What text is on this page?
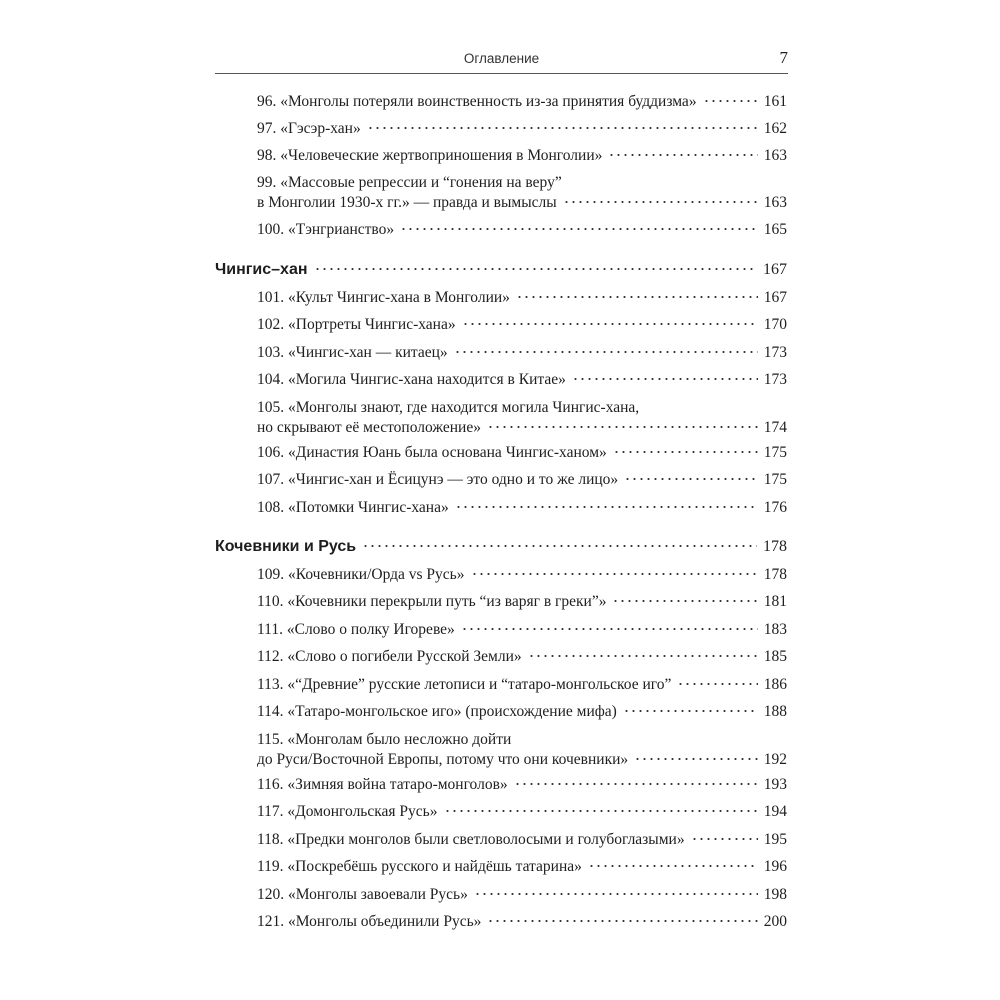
Оглавление	7
96. «Монголы потеряли воинственность из-за принятия буддизма»	161
97. «Гэсэр-хан»	162
98. «Человеческие жертвоприношения в Монголии»	163
99. «Массовые репрессии и “гонения на веру”
в Монголии 1930-х гг.» — правда и вымыслы	163
100. «Тэнгрианство»	165
Чингис–хан	167
101. «Культ Чингис-хана в Монголии»	167
102. «Портреты Чингис-хана»	170
103. «Чингис-хан — китаец»	173
104. «Могила Чингис-хана находится в Китае»	173
105. «Монголы знают, где находится могила Чингис-хана,
но скрывают её местоположение»	174
106. «Династия Юань была основана Чингис-ханом»	175
107. «Чингис-хан и Ёсицунэ — это одно и то же лицо»	175
108. «Потомки Чингис-хана»	176
Кочевники и Русь	178
109. «Кочевники/Орда vs Русь»	178
110. «Кочевники перекрыли путь “из варяг в греки”»	181
111. «Слово о полку Игореве»	183
112. «Слово о погибели Русской Земли»	185
113. «“Древние” русские летописи и “татаро-монгольское иго”	186
114. «Татаро-монгольское иго» (происхождение мифа)	188
115. «Монголам было несложно дойти
до Руси/Восточной Европы, потому что они кочевники»	192
116. «Зимняя война татаро-монголов»	193
117. «Домонгольская Русь»	194
118. «Предки монголов были светловолосыми и голубоглазыми»	195
119. «Поскребёшь русского и найдёшь татарина»	196
120. «Монголы завоевали Русь»	198
121. «Монголы объединили Русь»	200
